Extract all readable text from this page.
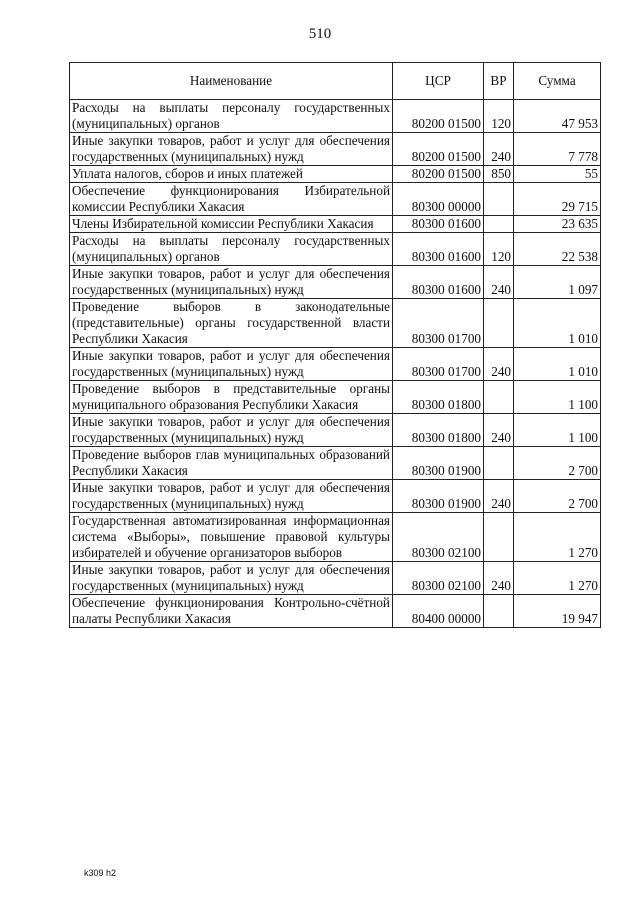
510
Наименование	ЦСР	ВР	Сумма
Расходы на выплаты персоналу государственных (муниципальных) органов	80200 01500	120	47 953
Иные закупки товаров, работ и услуг для обеспечения государственных (муниципальных) нужд	80200 01500	240	7 778
Уплата налогов, сборов и иных платежей	80200 01500	850	55
Обеспечение функционирования Избирательной комиссии Республики Хакасия	80300 00000		29 715
Члены Избирательной комиссии Республики Хакасия	80300 01600		23 635
Расходы на выплаты персоналу государственных (муниципальных) органов	80300 01600	120	22 538
Иные закупки товаров, работ и услуг для обеспечения государственных (муниципальных) нужд	80300 01600	240	1 097
Проведение выборов в законодательные (представительные) органы государственной власти Республики Хакасия	80300 01700		1 010
Иные закупки товаров, работ и услуг для обеспечения государственных (муниципальных) нужд	80300 01700	240	1 010
Проведение выборов в представительные органы муниципального образования Республики Хакасия	80300 01800		1 100
Иные закупки товаров, работ и услуг для обеспечения государственных (муниципальных) нужд	80300 01800	240	1 100
Проведение выборов глав муниципальных образований Республики Хакасия	80300 01900		2 700
Иные закупки товаров, работ и услуг для обеспечения государственных (муниципальных) нужд	80300 01900	240	2 700
Государственная автоматизированная информационная система «Выборы», повышение правовой культуры избирателей и обучение организаторов выборов	80300 02100		1 270
Иные закупки товаров, работ и услуг для обеспечения государственных (муниципальных) нужд	80300 02100	240	1 270
Обеспечение функционирования Контрольно-счётной палаты Республики Хакасия	80400 00000		19 947
k309 h2
